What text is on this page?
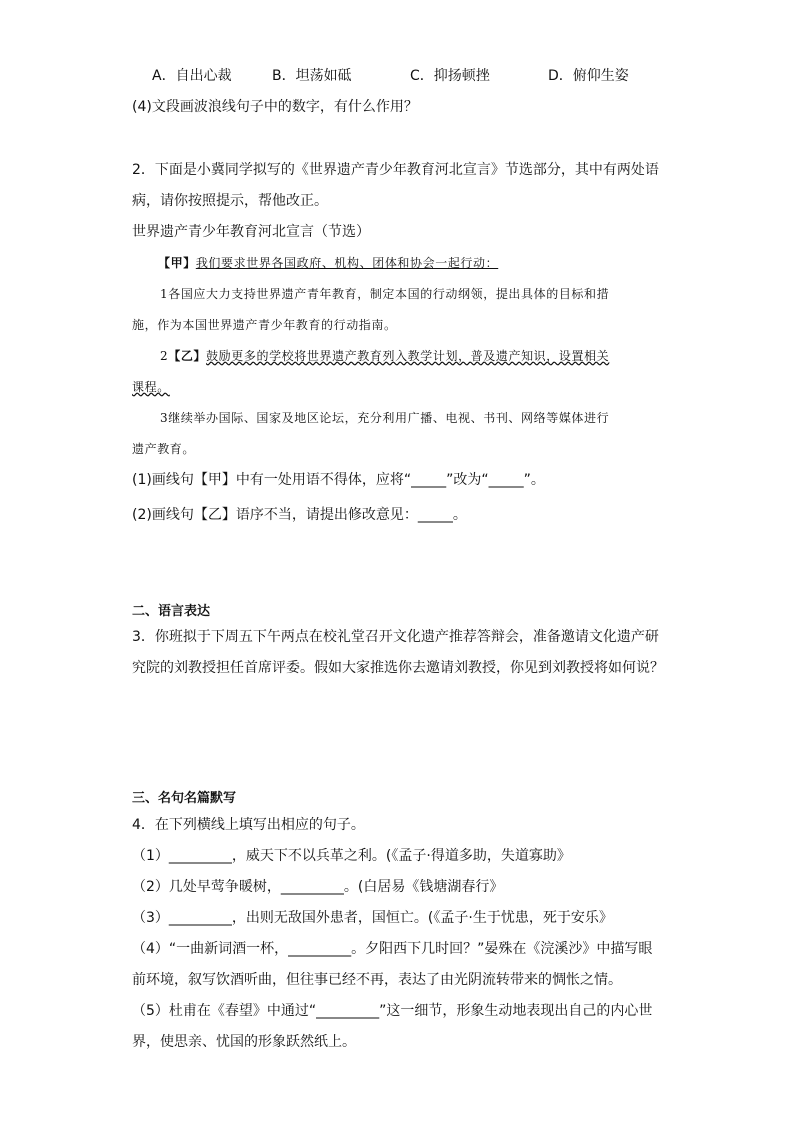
A．自出心裁	B．坦荡如砥	C．抑扬顿挫	D．俯仰生姿
(4)文段画波浪线句子中的数字，有什么作用？
2．下面是小冀同学拟写的《世界遗产青少年教育河北宣言》节选部分，其中有两处语
病，请你按照提示，帮他改正。
世界遗产青少年教育河北宣言（节选）
【甲】我们要求世界各国政府、机构、团体和协会一起行动：
1各国应大力支持世界遗产青年教育，制定本国的行动纲领，提出具体的目标和措
施，作为本国世界遗产青少年教育的行动指南。
2【乙】鼓励更多的学校将世界遗产教育列入教学计划，普及遗产知识，设置相关
课程。
3继续举办国际、国家及地区论坛，充分利用广播、电视、书刊、网络等媒体进行
遗产教育。
(1)画线句【甲】中有一处用语不得体，应将“_____”改为“_____”。
(2)画线句【乙】语序不当，请提出修改意见：_____。
二、语言表达
3．你班拟于下周五下午两点在校礼堂召开文化遗产推荐答辩会，准备邀请文化遗产研
究院的刘教授担任首席评委。假如大家推选你去邀请刘教授，你见到刘教授将如何说？
三、名句名篇默写
4．在下列横线上填写出相应的句子。
（1）_________，威天下不以兵革之利。(《孟子·得道多助，失道寡助》
（2）几处早莺争暖树，_________。(白居易《钱塘湖春行》
（3）_________，出则无敌国外患者，国恒亡。(《孟子·生于忧患，死于安乐》
（4）“一曲新词酒一杯，_________。夕阳西下几时回？”晏殊在《浣溪沙》中描写眼
前环境，叙写饮酒听曲，但往事已经不再，表达了由光阴流转带来的惆怅之情。
（5）杜甫在《春望》中通过“_________”这一细节，形象生动地表现出自己的内心世
界，使思亲、忧国的形象跃然纸上。
